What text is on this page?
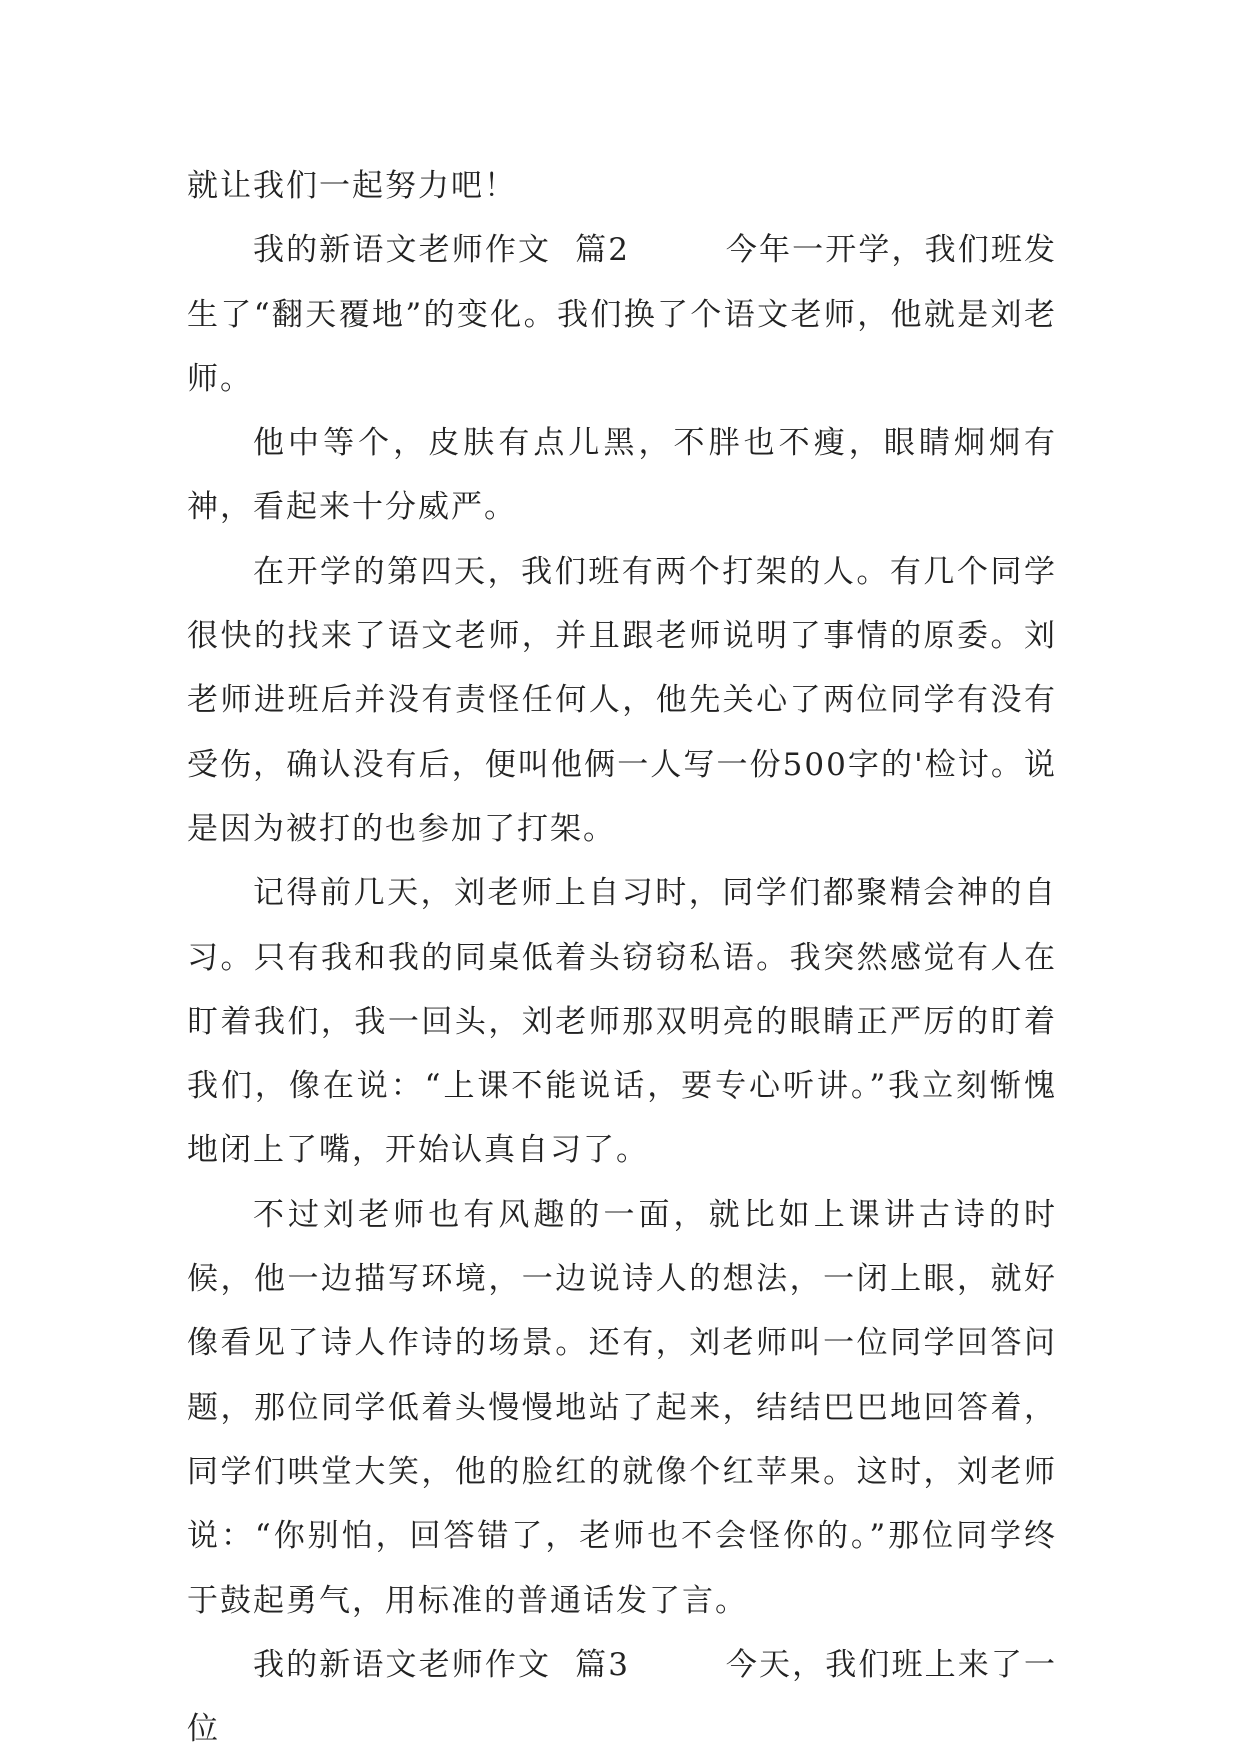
就让我们一起努力吧！

我的新语文老师作文  篇2        今年一开学，我们班发生了“翻天覆地”的变化。我们换了个语文老师，他就是刘老师。

他中等个，皮肤有点儿黑，不胖也不瘦，眼睛炯炯有神，看起来十分威严。

在开学的第四天，我们班有两个打架的人。有几个同学很快的找来了语文老师，并且跟老师说明了事情的原委。刘老师进班后并没有责怪任何人，他先关心了两位同学有没有受伤，确认没有后，便叫他俩一人写一份500字的'检讨。说是因为被打的也参加了打架。

记得前几天，刘老师上自习时，同学们都聚精会神的自习。只有我和我的同桌低着头窃窃私语。我突然感觉有人在盯着我们，我一回头，刘老师那双明亮的眼睛正严厉的盯着我们，像在说：“上课不能说话，要专心听讲。”我立刻惭愧地闭上了嘴，开始认真自习了。

不过刘老师也有风趣的一面，就比如上课讲古诗的时候，他一边描写环境，一边说诗人的想法，一闭上眼，就好像看见了诗人作诗的场景。还有，刘老师叫一位同学回答问题，那位同学低着头慢慢地站了起来，结结巴巴地回答着，同学们哄堂大笑，他的脸红的就像个红苹果。这时，刘老师说：“你别怕，回答错了，老师也不会怪你的。”那位同学终于鼓起勇气，用标准的普通话发了言。

我的新语文老师作文  篇3        今天，我们班上来了一位
